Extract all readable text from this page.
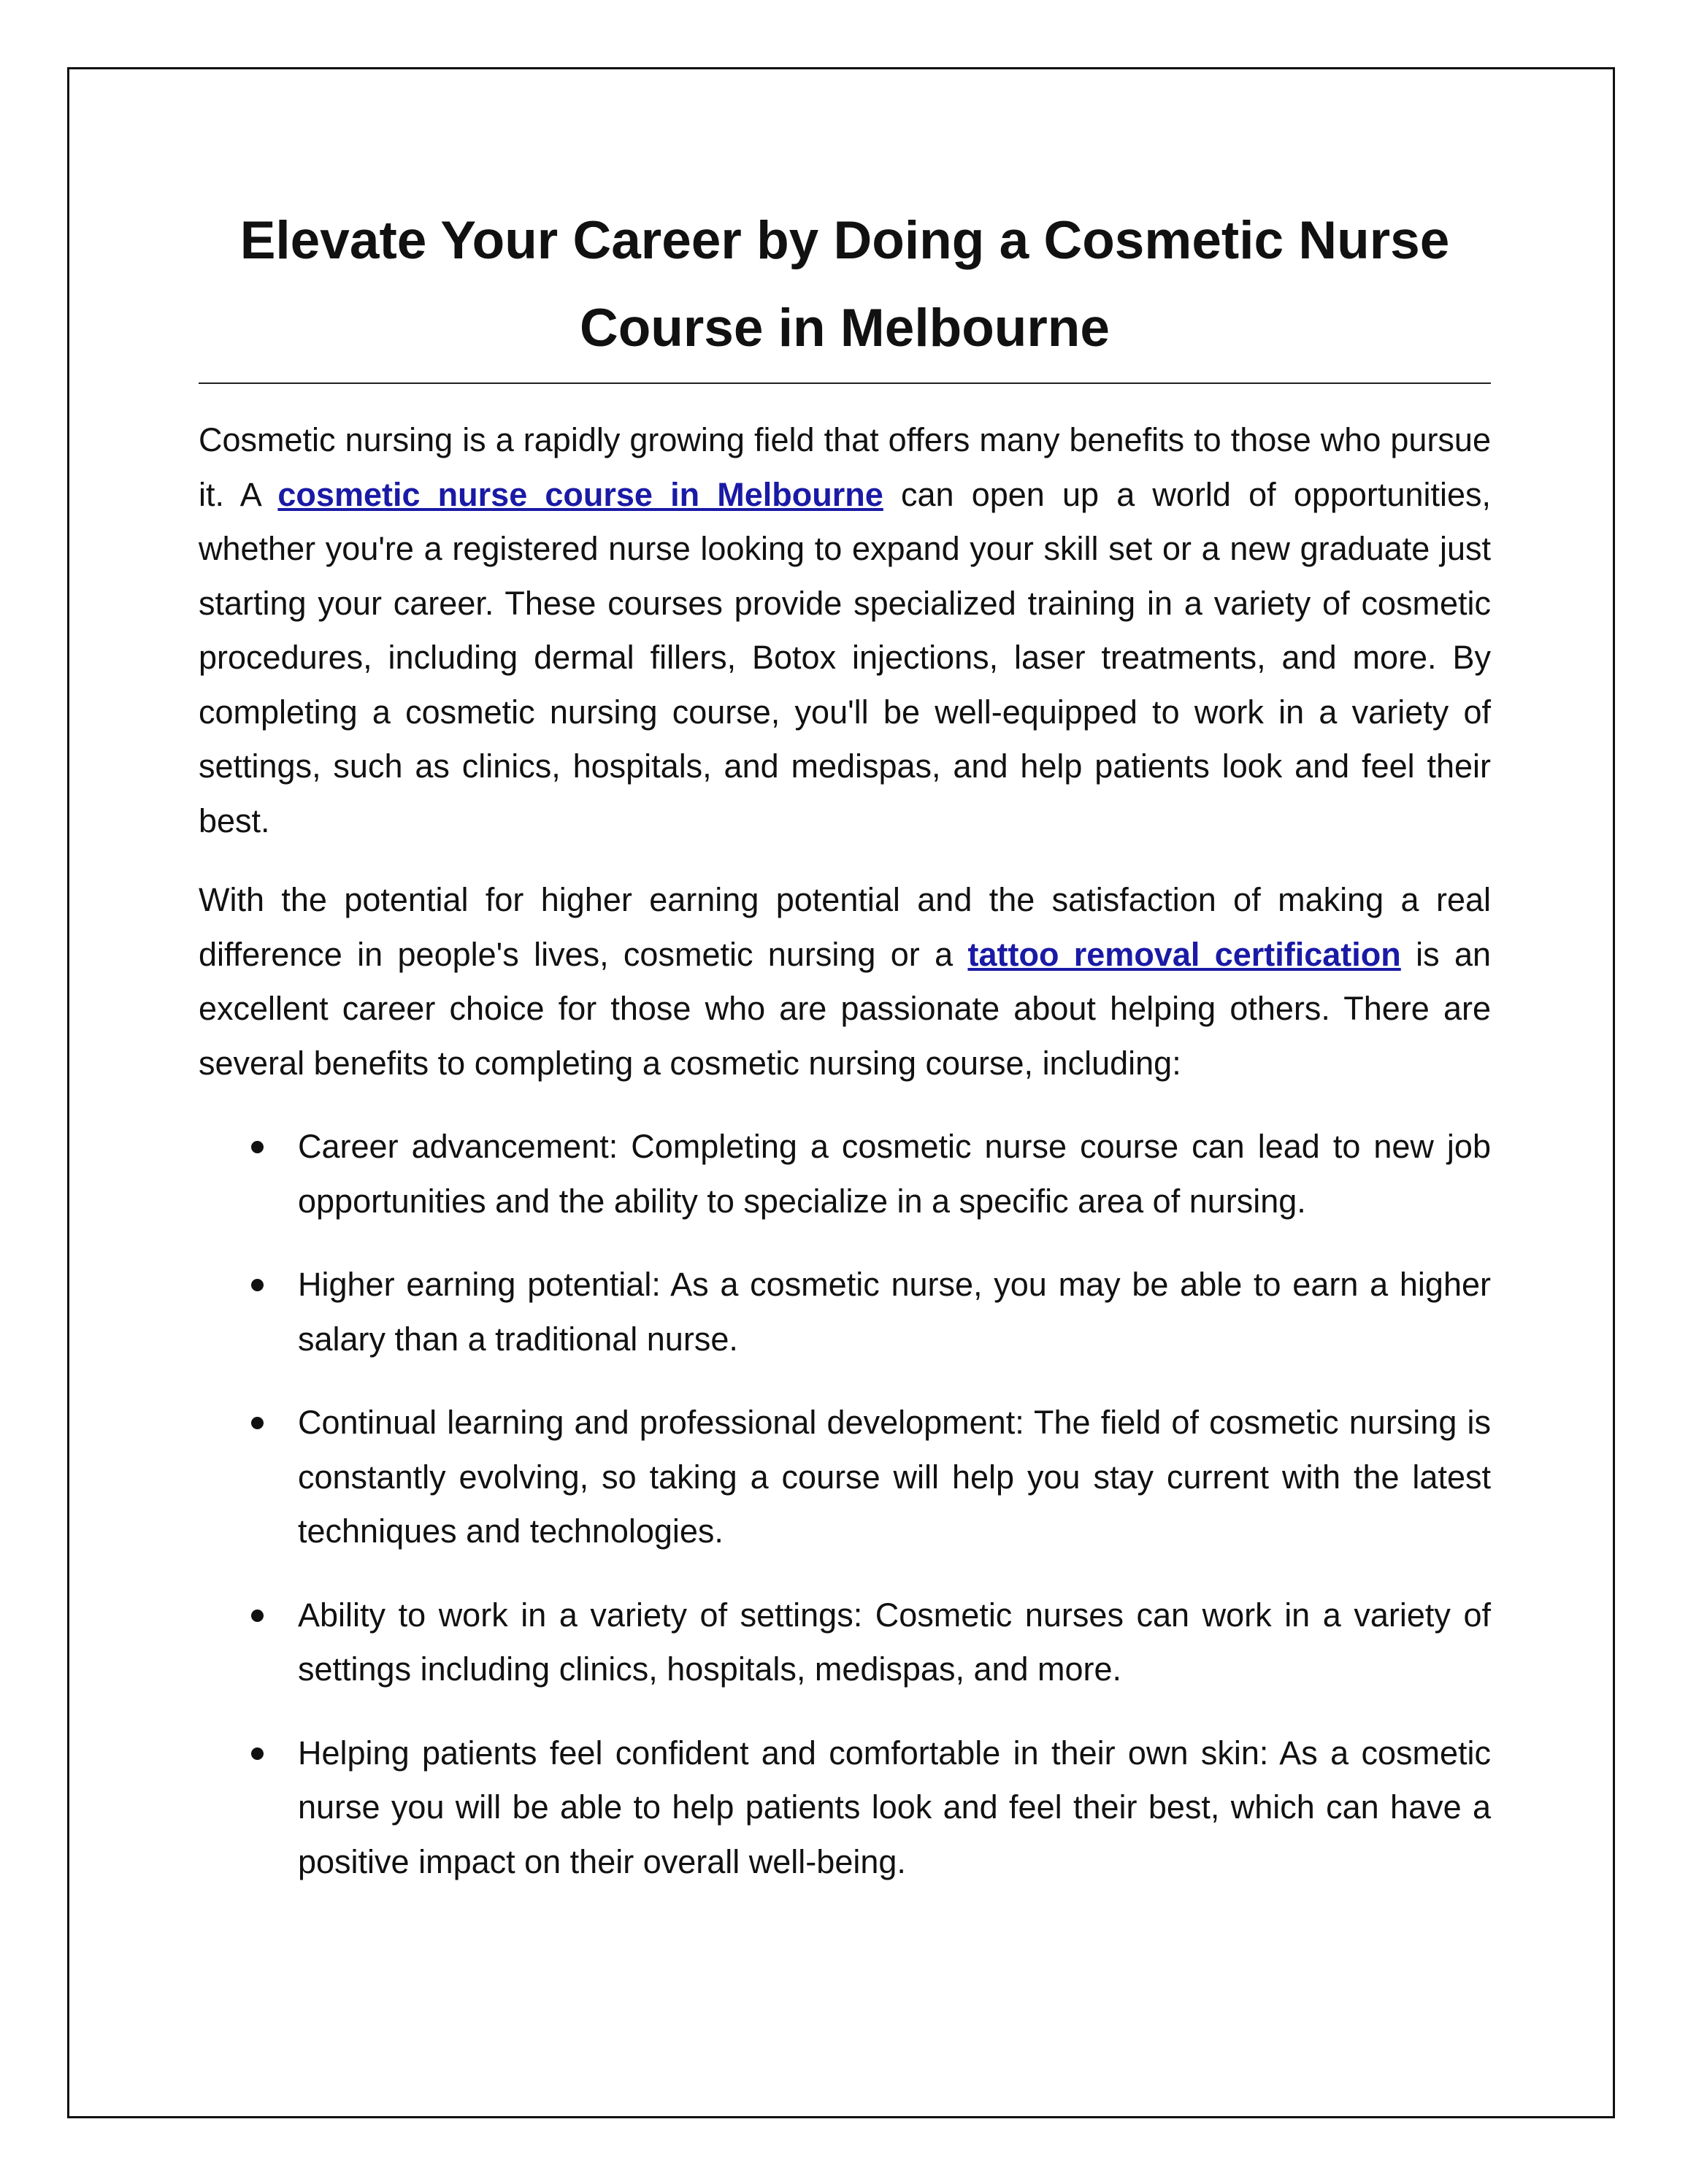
Elevate Your Career by Doing a Cosmetic Nurse Course in Melbourne

Cosmetic nursing is a rapidly growing field that offers many benefits to those who pursue it. A cosmetic nurse course in Melbourne can open up a world of opportunities, whether you're a registered nurse looking to expand your skill set or a new graduate just starting your career. These courses provide specialized training in a variety of cosmetic procedures, including dermal fillers, Botox injections, laser treatments, and more. By completing a cosmetic nursing course, you'll be well-equipped to work in a variety of settings, such as clinics, hospitals, and medispas, and help patients look and feel their best.

With the potential for higher earning potential and the satisfaction of making a real difference in people's lives, cosmetic nursing or a tattoo removal certification is an excellent career choice for those who are passionate about helping others. There are several benefits to completing a cosmetic nursing course, including:

Career advancement: Completing a cosmetic nurse course can lead to new job opportunities and the ability to specialize in a specific area of nursing.
Higher earning potential: As a cosmetic nurse, you may be able to earn a higher salary than a traditional nurse.
Continual learning and professional development: The field of cosmetic nursing is constantly evolving, so taking a course will help you stay current with the latest techniques and technologies.
Ability to work in a variety of settings: Cosmetic nurses can work in a variety of settings including clinics, hospitals, medispas, and more.
Helping patients feel confident and comfortable in their own skin: As a cosmetic nurse you will be able to help patients look and feel their best, which can have a positive impact on their overall well-being.
